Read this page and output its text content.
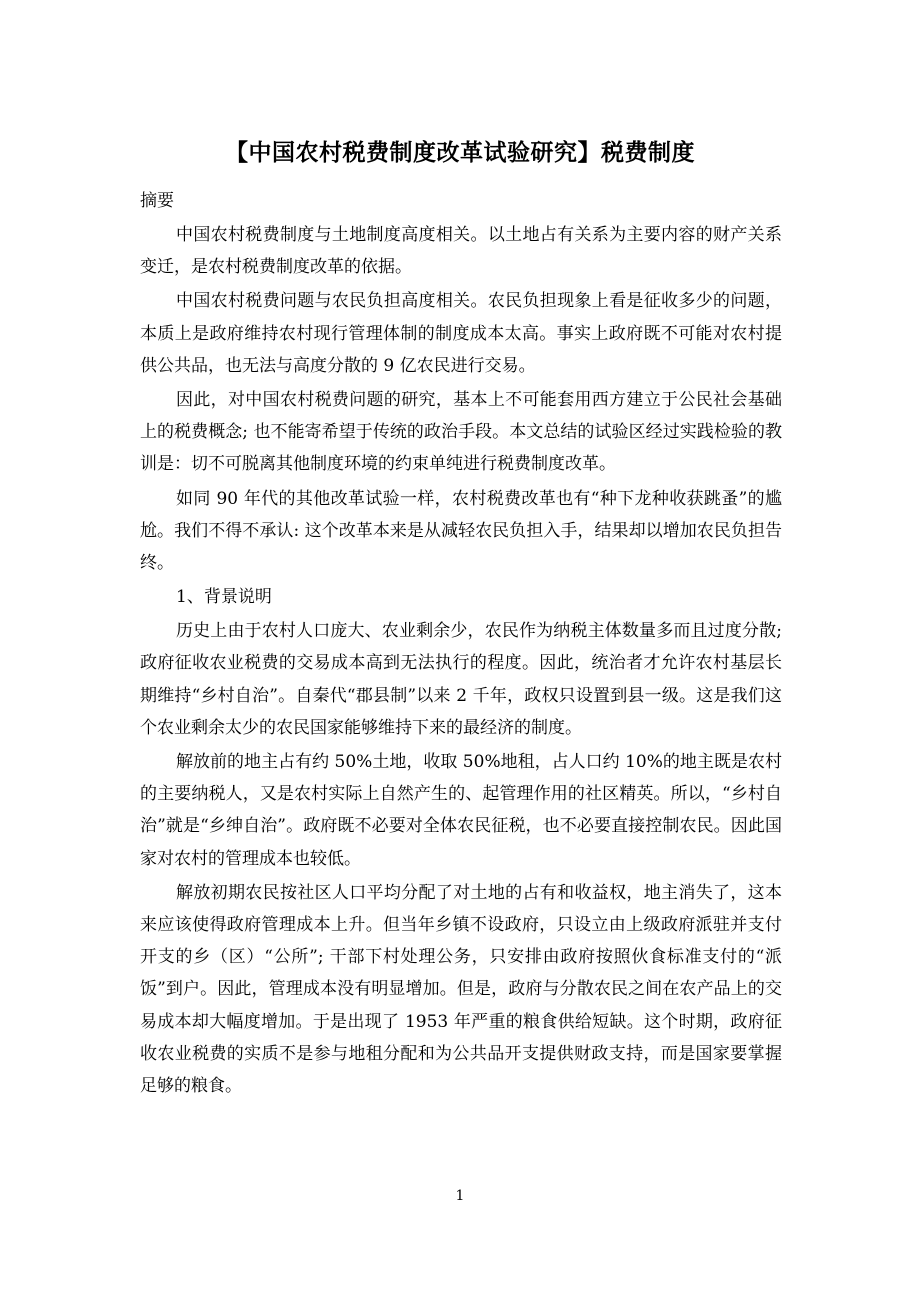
【中国农村税费制度改革试验研究】税费制度

摘要

中国农村税费制度与土地制度高度相关。以土地占有关系为主要内容的财产关系变迁，是农村税费制度改革的依据。

中国农村税费问题与农民负担高度相关。农民负担现象上看是征收多少的问题，本质上是政府维持农村现行管理体制的制度成本太高。事实上政府既不可能对农村提供公共品，也无法与高度分散的 9 亿农民进行交易。

因此，对中国农村税费问题的研究，基本上不可能套用西方建立于公民社会基础上的税费概念; 也不能寄希望于传统的政治手段。本文总结的试验区经过实践检验的教训是：切不可脱离其他制度环境的约束单纯进行税费制度改革。

如同 90 年代的其他改革试验一样，农村税费改革也有“种下龙种收获跳蚤”的尴尬。我们不得不承认: 这个改革本来是从减轻农民负担入手，结果却以增加农民负担告终。

1、背景说明

历史上由于农村人口庞大、农业剩余少，农民作为纳税主体数量多而且过度分散; 政府征收农业税费的交易成本高到无法执行的程度。因此，统治者才允许农村基层长期维持“乡村自治”。自秦代“郡县制”以来 2 千年，政权只设置到县一级。这是我们这个农业剩余太少的农民国家能够维持下来的最经济的制度。

解放前的地主占有约 50%土地，收取 50%地租，占人口约 10%的地主既是农村的主要纳税人，又是农村实际上自然产生的、起管理作用的社区精英。所以，“乡村自治”就是“乡绅自治”。政府既不必要对全体农民征税，也不必要直接控制农民。因此国家对农村的管理成本也较低。

解放初期农民按社区人口平均分配了对土地的占有和收益权，地主消失了，这本来应该使得政府管理成本上升。但当年乡镇不设政府，只设立由上级政府派驻并支付开支的乡（区）“公所”; 干部下村处理公务，只安排由政府按照伙食标准支付的“派饭”到户。因此，管理成本没有明显增加。但是，政府与分散农民之间在农产品上的交易成本却大幅度增加。于是出现了 1953 年严重的粮食供给短缺。这个时期，政府征收农业税费的实质不是参与地租分配和为公共品开支提供财政支持，而是国家要掌握足够的粮食。

1
